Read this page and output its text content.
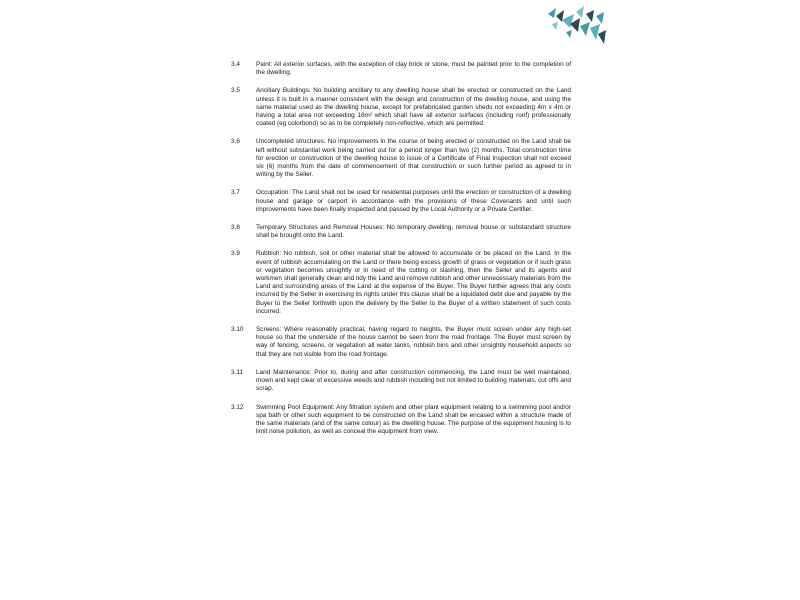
3.4	Paint: All exterior surfaces, with the exception of clay brick or stone, must be painted prior to the completion of the dwelling.
3.5	Ancillary Buildings: No building ancillary to any dwelling house shall be erected or constructed on the Land unless it is built in a manner consistent with the design and construction of the dwelling house, and using the same material used as the dwelling house, except for prefabricated garden sheds not exceeding 4m x 4m or having a total area not exceeding 16m² which shall have all exterior surfaces (including roof) professionally coated (eg colorbond) so as to be completely non-reflective, which are permitted.
3.6	Uncompleted structures: No improvements in the course of being erected or constructed on the Land shall be left without substantial work being carried out for a period longer than two (2) months. Total construction time for erection or construction of the dwelling house to issue of a Certificate of Final Inspection shall not exceed six (6) months from the date of commencement of that construction or such further period as agreed to in writing by the Seller.
3.7	Occupation: The Land shall not be used for residential purposes until the erection or construction of a dwelling house and garage or carport in accordance with the provisions of these Covenants and until such improvements have been finally inspected and passed by the Local Authority or a Private Certifier.
3.8	Temporary Structures and Removal Houses: No temporary dwelling, removal house or substandard structure shall be brought onto the Land.
3.9	Rubbish: No rubbish, soil or other material shall be allowed to accumulate or be placed on the Land. In the event of rubbish accumulating on the Land or there being excess growth of grass or vegetation or if such grass or vegetation becomes unsightly or in need of the cutting or slashing, then the Seller and its agents and workmen shall generally clean and tidy the Land and remove rubbish and other unnecessary materials from the Land and surrounding areas of the Land at the expense of the Buyer. The Buyer further agrees that any costs incurred by the Seller in exercising its rights under this clause shall be a liquidated debt due and payable by the Buyer to the Seller forthwith upon the delivery by the Seller to the Buyer of a written statement of such costs incurred.
3.10	Screens: Where reasonably practical, having regard to heights, the Buyer must screen under any high-set house so that the underside of the house cannot be seen from the road frontage. The Buyer must screen by way of fencing, screens, or vegetation all water tanks, rubbish bins and other unsightly household aspects so that they are not visible from the road frontage.
3.11	Land Maintenance: Prior to, during and after construction commencing, the Land must be well maintained, mown and kept clear of excessive weeds and rubbish including but not limited to building materials, cut offs and scrap.
3.12	Swimming Pool Equipment: Any filtration system and other plant equipment relating to a swimming pool and/or spa bath or other such equipment to be constructed on the Land shall be encased within a structure made of the same materials (and of the same colour) as the dwelling house. The purpose of the equipment housing is to limit noise pollution, as well as conceal the equipment from view.
